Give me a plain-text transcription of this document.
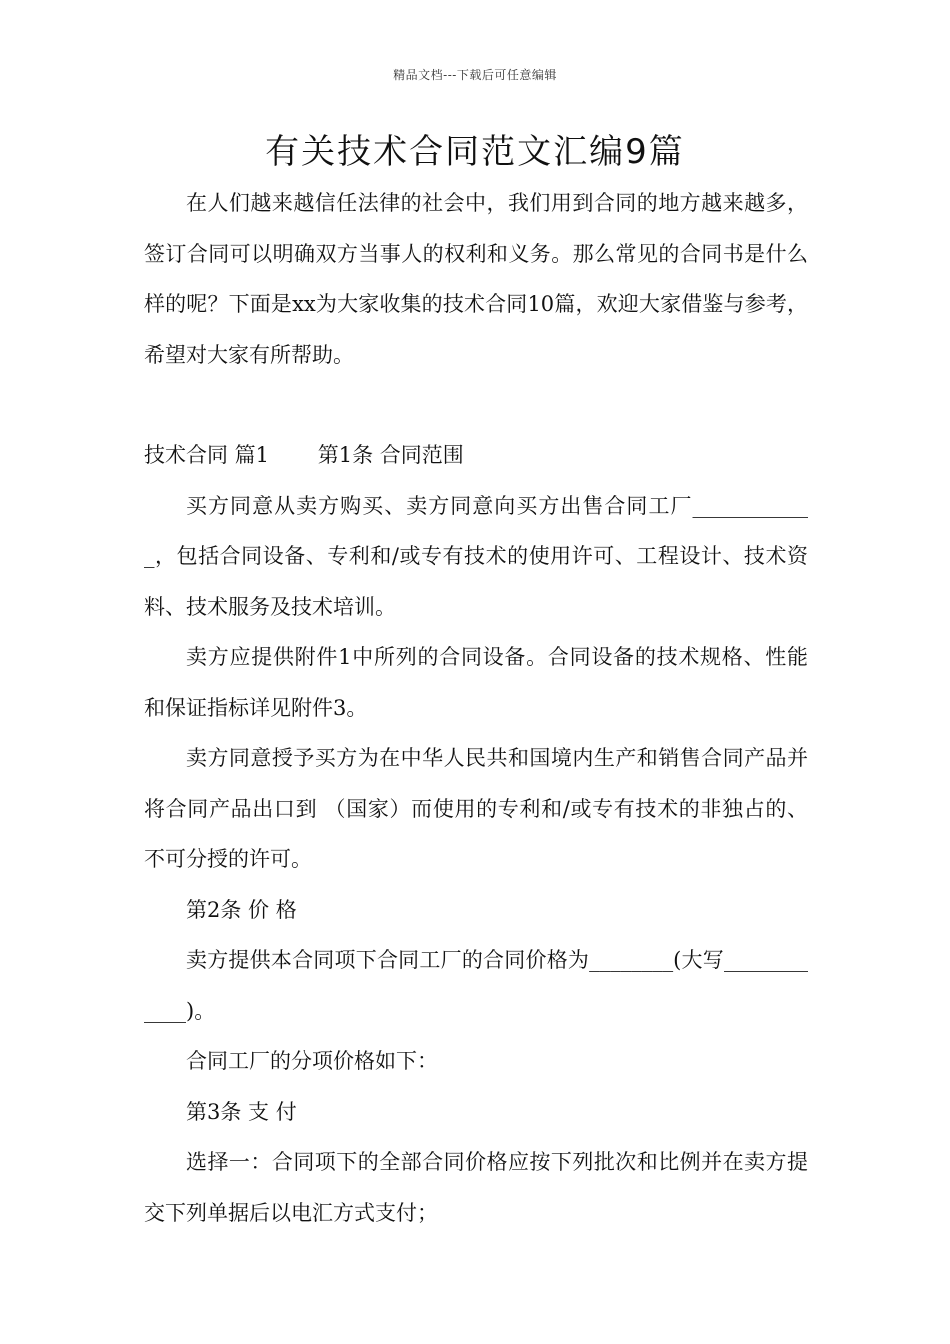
精品文档---下载后可任意编辑
有关技术合同范文汇编9篇

在人们越来越信任法律的社会中，我们用到合同的地方越来越多，签订合同可以明确双方当事人的权利和义务。那么常见的合同书是什么样的呢？下面是xx为大家收集的技术合同10篇，欢迎大家借鉴与参考，希望对大家有所帮助。

技术合同 篇1　　 第1条 合同范围

买方同意从卖方购买、卖方同意向买方出售合同工厂____________，包括合同设备、专利和/或专有技术的使用许可、工程设计、技术资料、技术服务及技术培训。

卖方应提供附件1中所列的合同设备。合同设备的技术规格、性能和保证指标详见附件3。

卖方同意授予买方为在中华人民共和国境内生产和销售合同产品并将合同产品出口到 （国家）而使用的专利和/或专有技术的非独占的、不可分授的许可。

第2条 价 格

卖方提供本合同项下合同工厂的合同价格为________(大写____________)。

合同工厂的分项价格如下：

第3条 支 付

选择一：合同项下的全部合同价格应按下列批次和比例并在卖方提交下列单据后以电汇方式支付；
